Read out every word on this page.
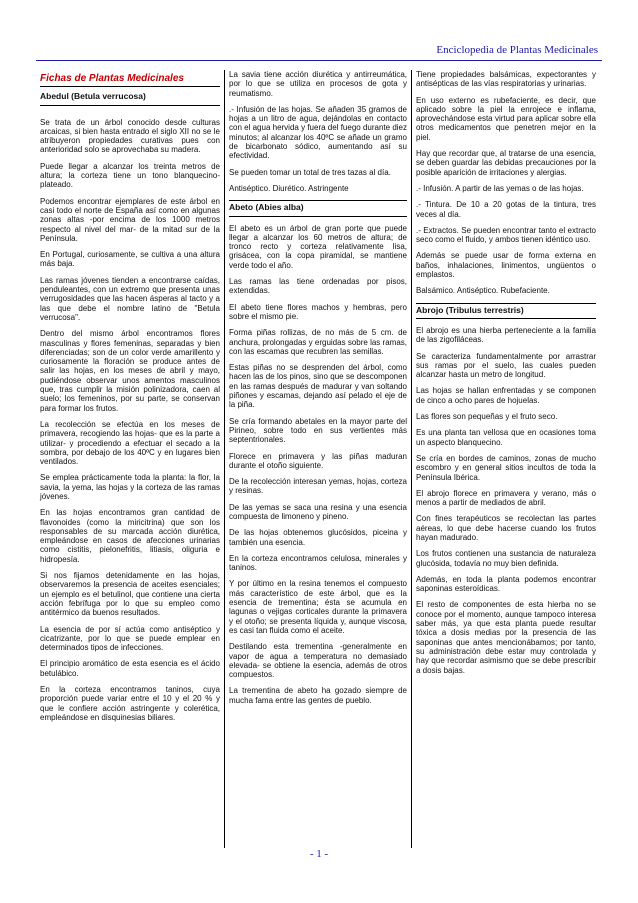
Enciclopedia de Plantas Medicinales
Fichas de Plantas Medicinales
Abedul (Betula verrucosa)

Se trata de un árbol conocido desde culturas arcaicas, si bien hasta entrado el siglo XII no se le atribuyeron propiedades curativas pues con anterioridad solo se aprovechaba su madera.

Puede llegar a alcanzar los treinta metros de altura; la corteza tiene un tono blanquecino-plateado.

Podemos encontrar ejemplares de este árbol en casi todo el norte de España así como en algunas zonas altas -por encima de los 1000 metros respecto al nivel del mar- de la mitad sur de la Península.

En Portugal, curiosamente, se cultiva a una altura más baja.

Las ramas jóvenes tienden a encontrarse caídas, penduleantes, con un extremo que presenta unas verrugosidades que las hacen ásperas al tacto y a las que debe el nombre latino de "Betula verrucosa".

Dentro del mismo árbol encontramos flores masculinas y flores femeninas, separadas y bien diferenciadas; son de un color verde amarillento y curiosamente la floración se produce antes de salir las hojas, en los meses de abril y mayo, pudiéndose observar unos amentos masculinos que, tras cumplir la misión polinizadora, caen al suelo; los femeninos, por su parte, se conservan para formar los frutos.

La recolección se efectúa en los meses de primavera, recogiendo las hojas- que es la parte a utilizar- y procediendo a efectuar el secado a la sombra, por debajo de los 40ºC y en lugares bien ventilados.

Se emplea prácticamente toda la planta: la flor, la savia, la yema, las hojas y la corteza de las ramas jóvenes.

En las hojas encontramos gran cantidad de flavonoides (como la miricitrina) que son los responsables de su marcada acción diurética, empleándose en casos de afecciones urinarias como cistitis, pielonefritis, litiasis, oliguria e hidropesía.

Si nos fijamos detenidamente en las hojas, observaremos la presencia de aceites esenciales; un ejemplo es el betulinol, que contiene una cierta acción febrífuga por lo que su empleo como antitérmico da buenos resultados.

La esencia de por sí actúa como antiséptico y cicatrizante, por lo que se puede emplear en determinados tipos de infecciones.

El principio aromático de esta esencia es el ácido betulábico.

En la corteza encontramos taninos, cuya proporción puede variar entre el 10 y el 20 % y que le confiere acción astringente y colerética, empleándose en disquinesias biliares.

La savia tiene acción diurética y antirreumática, por lo que se utiliza en procesos de gota y reumatismo.

.- Infusión de las hojas. Se añaden 35 gramos de hojas a un litro de agua, dejándolas en contacto con el agua hervida y fuera del fuego durante diez minutos; al alcanzar los 40ºC se añade un gramo de bicarbonato sódico, aumentando así su efectividad.

Se pueden tomar un total de tres tazas al día.

Antiséptico. Diurético. Astringente

Abeto (Abies alba)

El abeto es un árbol de gran porte que puede llegar a alcanzar los 60 metros de altura; de tronco recto y corteza relativamente lisa, grisácea, con la copa piramidal, se mantiene verde todo el año.

Las ramas las tiene ordenadas por pisos, extendidas.

El abeto tiene flores machos y hembras, pero sobre el mismo pie.

Forma piñas rollizas, de no más de 5 cm. de anchura, prolongadas y erguidas sobre las ramas, con las escamas que recubren las semillas.

Estas piñas no se desprenden del árbol, como hacen las de los pinos, sino que se descomponen en las ramas después de madurar y van soltando piñones y escamas, dejando así pelado el eje de la piña.

Se cría formando abetales en la mayor parte del Pirineo, sobre todo en sus vertientes más septentrionales.

Florece en primavera y las piñas maduran durante el otoño siguiente.

De la recolección interesan yemas, hojas, corteza y resinas.

De las yemas se saca una resina y una esencia compuesta de limoneno y pineno.

De las hojas obtenemos glucósidos, piceina y también una esencia.

En la corteza encontramos celulosa, minerales y taninos.

Y por último en la resina tenemos el compuesto más característico de este árbol, que es la esencia de trementina; ésta se acumula en lagunas o vejigas corticales durante la primavera y el otoño; se presenta líquida y, aunque viscosa, es casi tan fluida como el aceite.

Destilando esta trementina -generalmente en vapor de agua a temperatura no demasiado elevada- se obtiene la esencia, además de otros compuestos.

La trementina de abeto ha gozado siempre de mucha fama entre las gentes de pueblo.

Tiene propiedades balsámicas, expectorantes y antisépticas de las vías respiratorias y urinarias.

En uso externo es rubefaciente, es decir, que aplicado sobre la piel la enrojece e inflama, aprovechándose esta virtud para aplicar sobre ella otros medicamentos que penetren mejor en la piel.

Hay que recordar que, al tratarse de una esencia, se deben guardar las debidas precauciones por la posible aparición de irritaciones y alergias.

.- Infusión. A partir de las yemas o de las hojas.

.- Tintura. De 10 a 20 gotas de la tintura, tres veces al día.

.- Extractos. Se pueden encontrar tanto el extracto seco como el fluido, y ambos tienen idéntico uso.

Además se puede usar de forma externa en baños, inhalaciones, linimentos, ungüentos o emplastos.

Balsámico. Antiséptico. Rubefaciente.

Abrojo (Tribulus terrestris)

El abrojo es una hierba perteneciente a la familia de las zigofiláceas.

Se caracteriza fundamentalmente por arrastrar sus ramas por el suelo, las cuales pueden alcanzar hasta un metro de longitud.

Las hojas se hallan enfrentadas y se componen de cinco a ocho pares de hojuelas.

Las flores son pequeñas y el fruto seco.

Es una planta tan vellosa que en ocasiones toma un aspecto blanquecino.

Se cría en bordes de caminos, zonas de mucho escombro y en general sitios incultos de toda la Península Ibérica.

El abrojo florece en primavera y verano, más o menos a partir de mediados de abril.

Con fines terapéuticos se recolectan las partes aéreas, lo que debe hacerse cuando los frutos hayan madurado.

Los frutos contienen una sustancia de naturaleza glucósida, todavía no muy bien definida.

Además, en toda la planta podemos encontrar saponinas esteroídicas.

El resto de componentes de esta hierba no se conoce por el momento, aunque tampoco interesa saber más, ya que esta planta puede resultar tóxica a dosis medias por la presencia de las saponinas que antes mencionábamos; por tanto, su administración debe estar muy controlada y hay que recordar asimismo que se debe prescribir a dosis bajas.

- 1 -
